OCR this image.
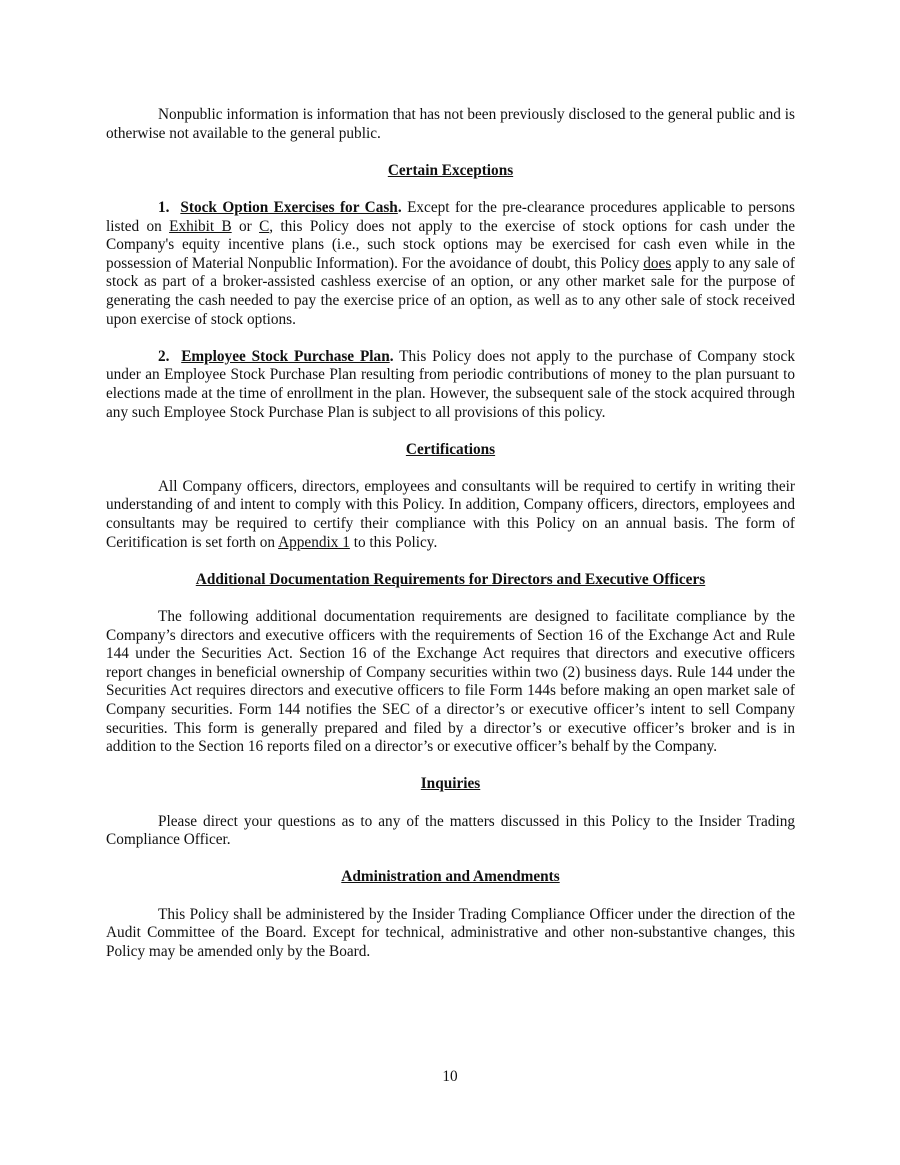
Nonpublic information is information that has not been previously disclosed to the general public and is otherwise not available to the general public.

Certain Exceptions

1. Stock Option Exercises for Cash. Except for the pre-clearance procedures applicable to persons listed on Exhibit B or C, this Policy does not apply to the exercise of stock options for cash under the Company's equity incentive plans (i.e., such stock options may be exercised for cash even while in the possession of Material Nonpublic Information). For the avoidance of doubt, this Policy does apply to any sale of stock as part of a broker-assisted cashless exercise of an option, or any other market sale for the purpose of generating the cash needed to pay the exercise price of an option, as well as to any other sale of stock received upon exercise of stock options.

2. Employee Stock Purchase Plan. This Policy does not apply to the purchase of Company stock under an Employee Stock Purchase Plan resulting from periodic contributions of money to the plan pursuant to elections made at the time of enrollment in the plan. However, the subsequent sale of the stock acquired through any such Employee Stock Purchase Plan is subject to all provisions of this policy.

Certifications

All Company officers, directors, employees and consultants will be required to certify in writing their understanding of and intent to comply with this Policy. In addition, Company officers, directors, employees and consultants may be required to certify their compliance with this Policy on an annual basis. The form of Ceritification is set forth on Appendix 1 to this Policy.

Additional Documentation Requirements for Directors and Executive Officers

The following additional documentation requirements are designed to facilitate compliance by the Company’s directors and executive officers with the requirements of Section 16 of the Exchange Act and Rule 144 under the Securities Act. Section 16 of the Exchange Act requires that directors and executive officers report changes in beneficial ownership of Company securities within two (2) business days. Rule 144 under the Securities Act requires directors and executive officers to file Form 144s before making an open market sale of Company securities. Form 144 notifies the SEC of a director’s or executive officer’s intent to sell Company securities. This form is generally prepared and filed by a director’s or executive officer’s broker and is in addition to the Section 16 reports filed on a director’s or executive officer’s behalf by the Company.

Inquiries

Please direct your questions as to any of the matters discussed in this Policy to the Insider Trading Compliance Officer.

Administration and Amendments

This Policy shall be administered by the Insider Trading Compliance Officer under the direction of the Audit Committee of the Board. Except for technical, administrative and other non-substantive changes, this Policy may be amended only by the Board.

10
